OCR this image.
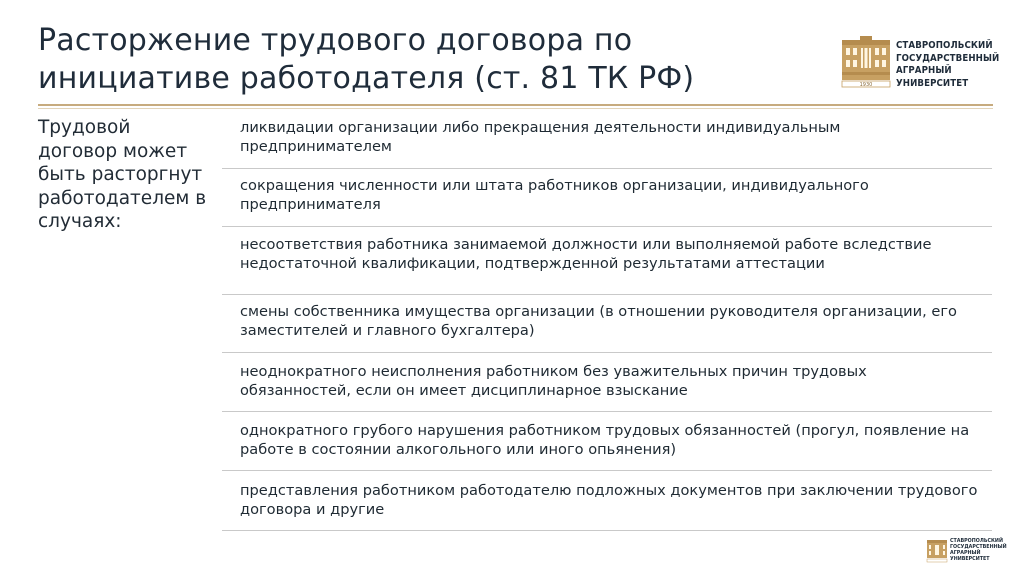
Расторжение трудового договора по инициативе работодателя (ст. 81 ТК РФ)	1930
СТАВРОПОЛЬСКИЙ
ГОСУДАРСТВЕННЫЙ
АГРАРНЫЙ УНИВЕРСИТЕТ
Трудовой договор может быть расторгнут работодателем в случаях:
ликвидации организации либо прекращения деятельности индивидуальным предпринимателем
сокращения численности или штата работников организации, индивидуального предпринимателя
несоответствия работника занимаемой должности или выполняемой работе вследствие недостаточной квалификации, подтвержденной результатами аттестации
смены собственника имущества организации (в отношении руководителя организации, его заместителей и главного бухгалтера)
неоднократного неисполнения работником без уважительных причин трудовых обязанностей, если он имеет дисциплинарное взыскание
однократного грубого нарушения работником трудовых обязанностей (прогул, появление на работе в состоянии алкогольного или иного опьянения)
представления работником работодателю подложных документов при заключении трудового договора и другие
СТАВРОПОЛЬСКИЙ
ГОСУДАРСТВЕННЫЙ
АГРАРНЫЙ УНИВЕРСИТЕТ
